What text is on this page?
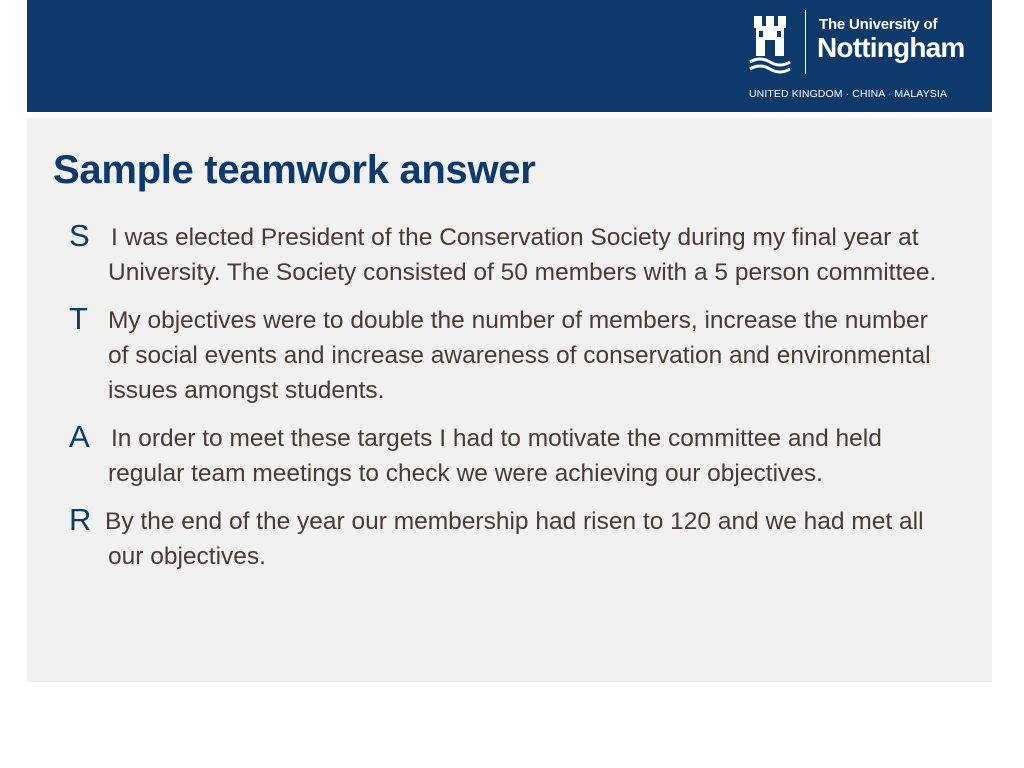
The University of
Nottingham
UNITED KINGDOM · CHINA · MALAYSIA
Sample teamwork answer
S I was elected President of the Conservation Society during my final year at University. The Society consisted of 50 members with a 5 person committee.
T My objectives were to double the number of members, increase the number of social events and increase awareness of conservation and environmental issues amongst students.
A In order to meet these targets I had to motivate the committee and held regular team meetings to check we were achieving our objectives.
R By the end of the year our membership had risen to 120 and we had met all our objectives.
